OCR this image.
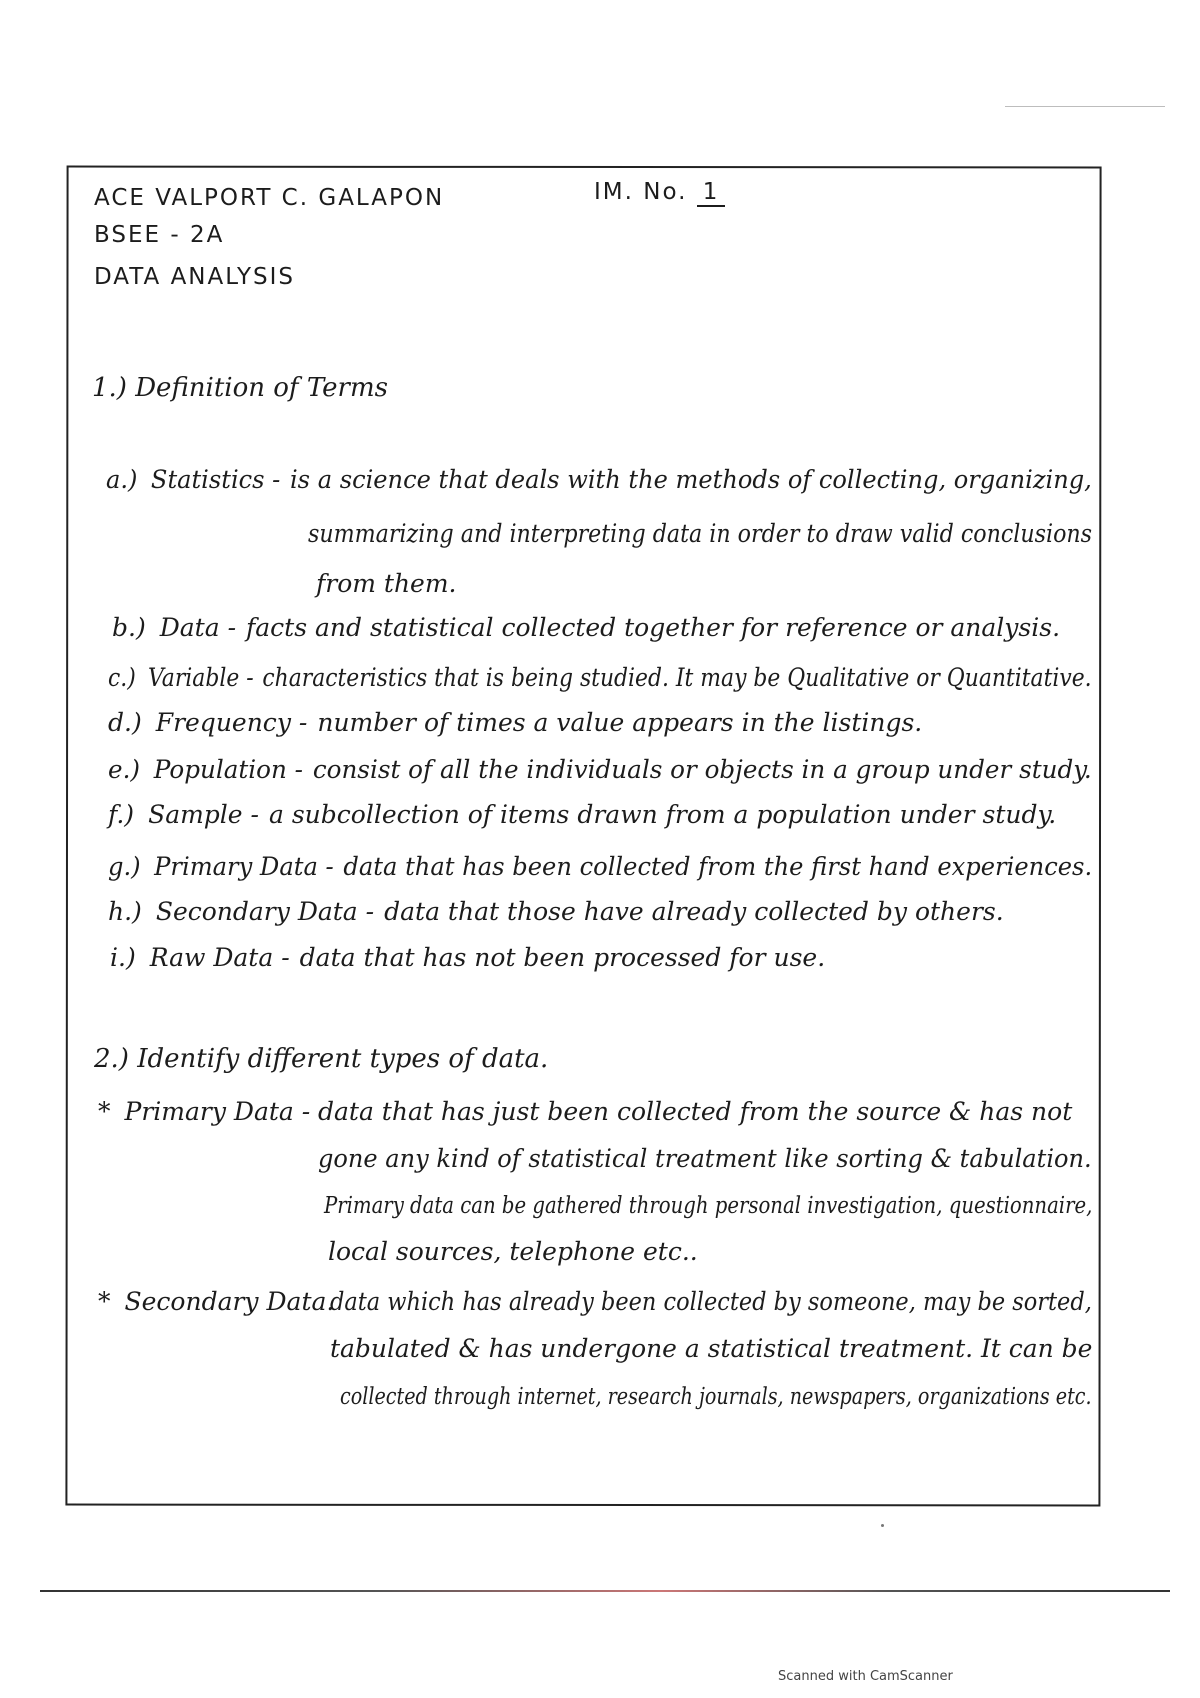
ACE VALPORT C. GALAPON	IM. No. 1
BSEE - 2A
DATA ANALYSIS
1.) Definition of Terms
a.) Statistics - is a science that deals with the methods of collecting, organizing,
summarizing and interpreting data in order to draw valid conclusions
from them.
b.) Data - facts and statistical collected together for reference or analysis.
c.) Variable - characteristics that is being studied. It may be Qualitative or Quantitative.
d.) Frequency - number of times a value appears in the listings.
e.) Population - consist of all the individuals or objects in a group under study.
f.) Sample - a subcollection of items drawn from a population under study.
g.) Primary Data - data that has been collected from the first hand experiences.
h.) Secondary Data - data that those have already collected by others.
i.) Raw Data - data that has not been processed for use.
2.) Identify different types of data.
* Primary Data - data that has just been collected from the source & has not
gone any kind of statistical treatment like sorting & tabulation.
Primary data can be gathered through personal investigation, questionnaire,
local sources, telephone etc..
* Secondary Data.
data which has already been collected by someone, may be sorted,
tabulated & has undergone a statistical treatment. It can be
collected through internet, research journals, newspapers, organizations etc.
Scanned with CamScanner
